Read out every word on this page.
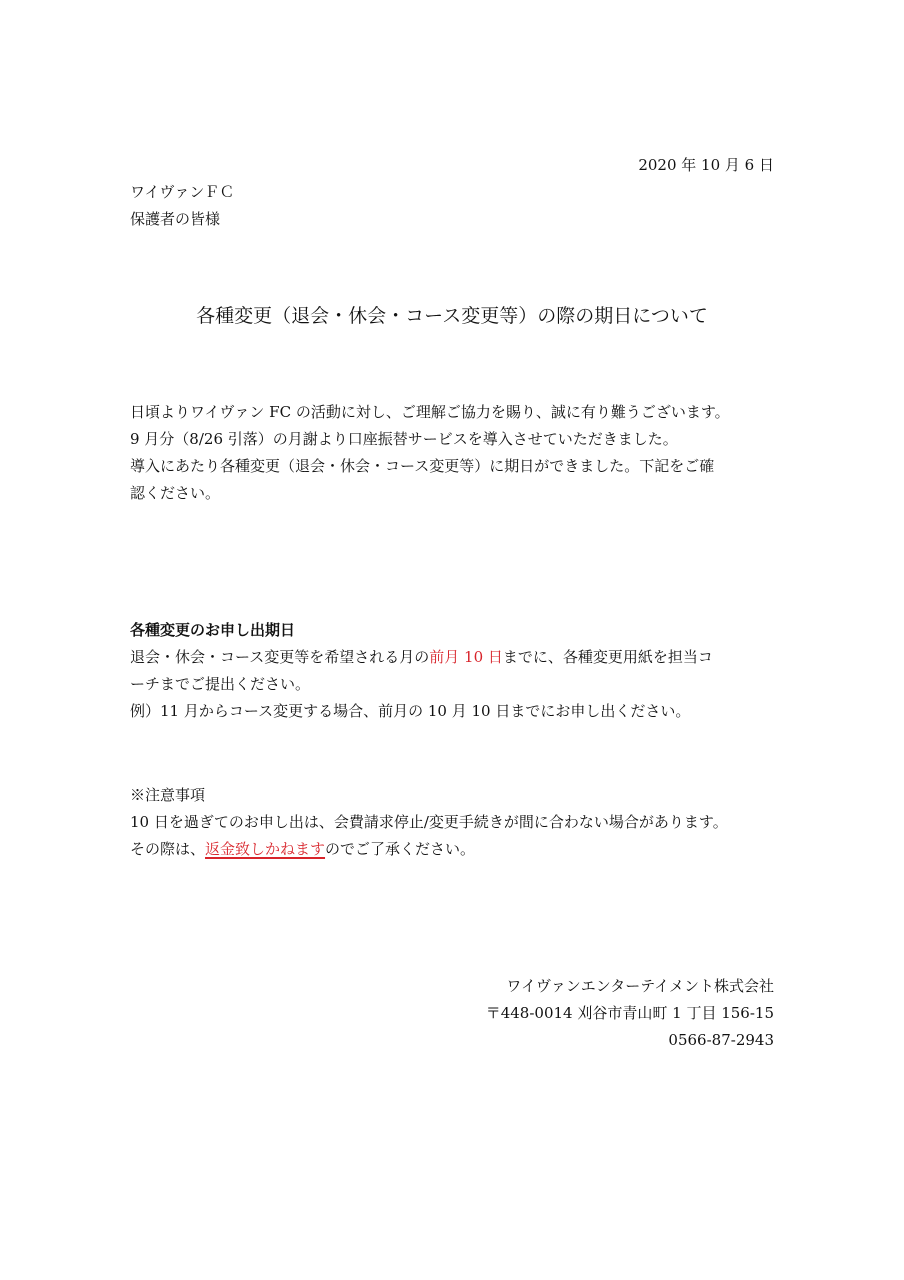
2020 年 10 月 6 日
ワイヴァンＦＣ
保護者の皆様
各種変更（退会・休会・コース変更等）の際の期日について
日頃よりワイヴァン FC の活動に対し、ご理解ご協力を賜り、誠に有り難うございます。
9 月分（8/26 引落）の月謝より口座振替サービスを導入させていただきました。
導入にあたり各種変更（退会・休会・コース変更等）に期日ができました。下記をご確
認ください。
各種変更のお申し出期日
退会・休会・コース変更等を希望される月の前月 10 日までに、各種変更用紙を担当コ
ーチまでご提出ください。
例）11 月からコース変更する場合、前月の 10 月 10 日までにお申し出ください。
※注意事項
10 日を過ぎてのお申し出は、会費請求停止/変更手続きが間に合わない場合があります。
その際は、返金致しかねますのでご了承ください。
ワイヴァンエンターテイメント株式会社
〒448-0014 刈谷市青山町 1 丁目 156-15
0566-87-2943
